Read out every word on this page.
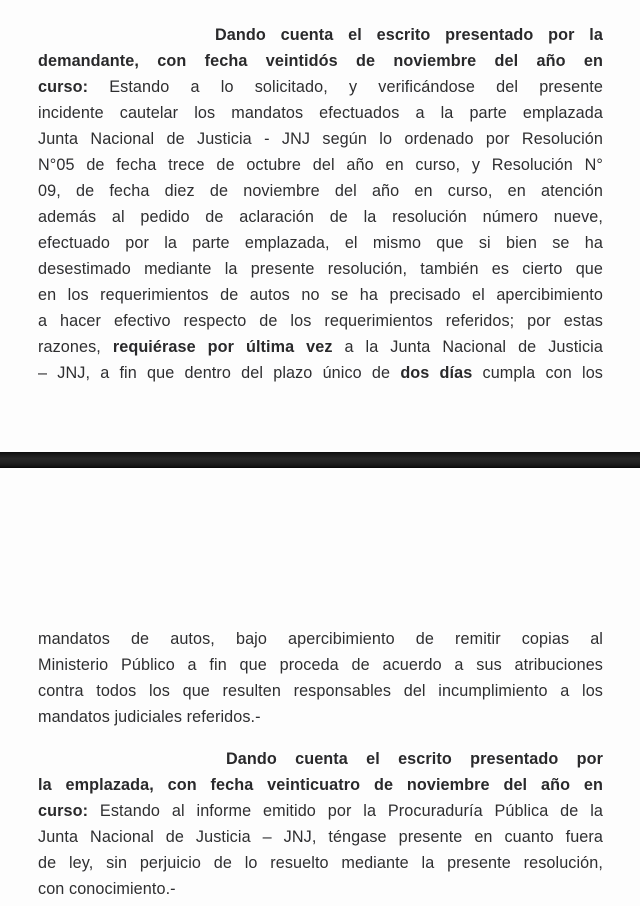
Dando cuenta el escrito presentado por la
demandante, con fecha veintidós de noviembre del año en
curso: Estando a lo solicitado, y verificándose del presente
incidente cautelar los mandatos efectuados a la parte emplazada
Junta Nacional de Justicia - JNJ según lo ordenado por Resolución
N°05 de fecha trece de octubre del año en curso, y Resolución N°
09, de fecha diez de noviembre del año en curso, en atención
además al pedido de aclaración de la resolución número nueve,
efectuado por la parte emplazada, el mismo que si bien se ha
desestimado mediante la presente resolución, también es cierto que
en los requerimientos de autos no se ha precisado el apercibimiento
a hacer efectivo respecto de los requerimientos referidos; por estas
razones, requiérase por última vez a la Junta Nacional de Justicia
– JNJ, a fin que dentro del plazo único de dos días cumpla con los
mandatos de autos, bajo apercibimiento de remitir copias al
Ministerio Público a fin que proceda de acuerdo a sus atribuciones
contra todos los que resulten responsables del incumplimiento a los
mandatos judiciales referidos.-
Dando cuenta el escrito presentado por
la emplazada, con fecha veinticuatro de noviembre del año en
curso: Estando al informe emitido por la Procuraduría Pública de la
Junta Nacional de Justicia – JNJ, téngase presente en cuanto fuera
de ley, sin perjuicio de lo resuelto mediante la presente resolución,
con conocimiento.-
